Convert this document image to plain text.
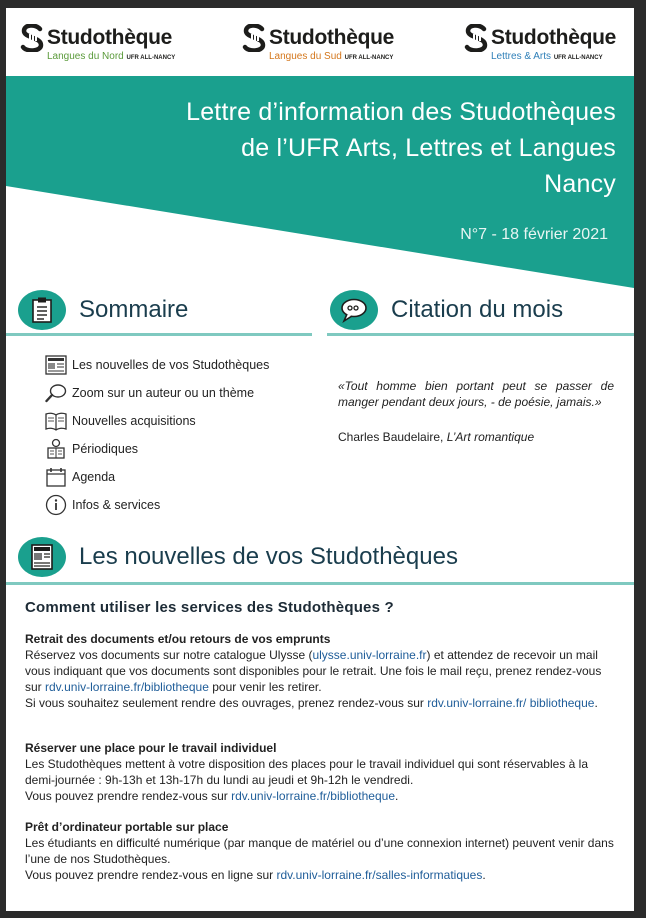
Studothèque
Langues du Nord UFR ALL-NANCY
Studothèque
Langues du Sud UFR ALL-NANCY
Studothèque
Lettres & Arts UFR ALL-NANCY
Lettre d’information des Studothèques
de l’UFR Arts, Lettres et Langues
Nancy
N°7 - 18 février 2021
Sommaire	Citation du mois
Les nouvelles de vos Studothèques
Zoom sur un auteur ou un thème
Nouvelles acquisitions
Périodiques
Agenda
Infos & services
«Tout homme bien portant peut se passer de manger pendant deux jours, - de poésie, jamais.»
Charles Baudelaire, L’Art romantique
Les nouvelles de vos Studothèques
Comment utiliser les services des Studothèques ?
Retrait des documents et/ou retours de vos emprunts
Réservez vos documents sur notre catalogue Ulysse (ulysse.univ-lorraine.fr) et attendez de recevoir un mail vous indiquant que vos documents sont disponibles pour le retrait. Une fois le mail reçu, prenez rendez-vous sur rdv.univ-lorraine.fr/bibliotheque pour venir les retirer.
Si vous souhaitez seulement rendre des ouvrages, prenez rendez-vous sur rdv.univ-lorraine.fr/ bibliotheque.
Réserver une place pour le travail individuel
Les Studothèques mettent à votre disposition des places pour le travail individuel qui sont réservables à la demi-journée : 9h-13h et 13h-17h du lundi au jeudi et 9h-12h le vendredi.
Vous pouvez prendre rendez-vous sur rdv.univ-lorraine.fr/bibliotheque.
Prêt d’ordinateur portable sur place
Les étudiants en difficulté numérique (par manque de matériel ou d’une connexion internet) peuvent venir dans l’une de nos Studothèques.
Vous pouvez prendre rendez-vous en ligne sur rdv.univ-lorraine.fr/salles-informatiques.
